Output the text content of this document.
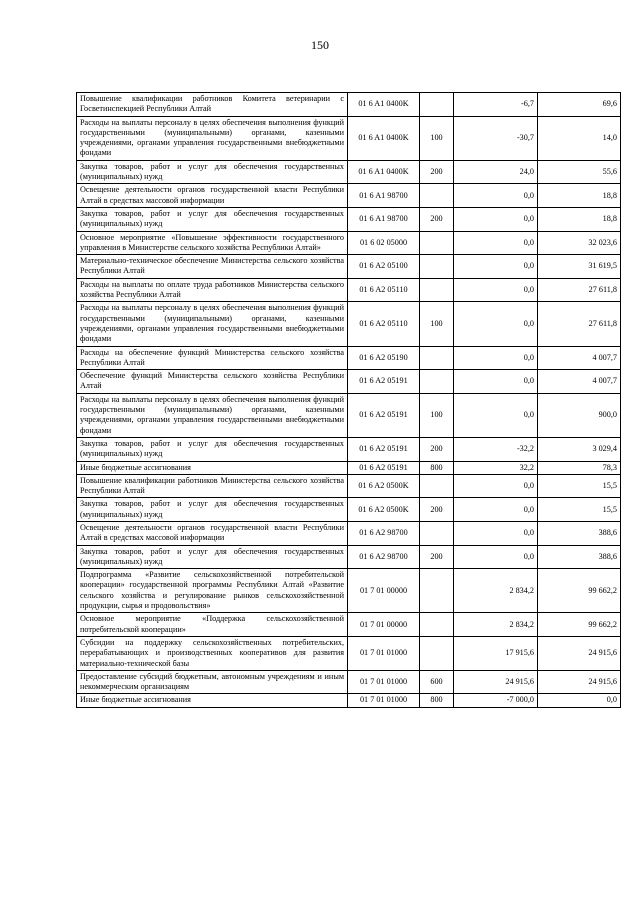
150
Повышение квалификации работников Комитета ветеринарии с Госветинспекцией Республики Алтай	01 6 A1 0400K		-6,7	69,6
Расходы на выплаты персоналу в целях обеспечения выполнения функций государственными (муниципальными) органами, казенными учреждениями, органами управления государственными внебюджетными фондами	01 6 A1 0400K	100	-30,7	14,0
Закупка товаров, работ и услуг для обеспечения государственных (муниципальных) нужд	01 6 A1 0400K	200	24,0	55,6
Освещение деятельности органов государственной власти Республики Алтай в средствах массовой информации	01 6 A1 98700		0,0	18,8
Закупка товаров, работ и услуг для обеспечения государственных (муниципальных) нужд	01 6 A1 98700	200	0,0	18,8
Основное мероприятие «Повышение эффективности государственного управления в Министерстве сельского хозяйства Республики Алтай»	01 6 02 05000		0,0	32 023,6
Материально-техническое обеспечение Министерства сельского хозяйства Республики Алтай	01 6 A2 05100		0,0	31 619,5
Расходы на выплаты по оплате труда работников Министерства сельского хозяйства Республики Алтай	01 6 A2 05110		0,0	27 611,8
Расходы на выплаты персоналу в целях обеспечения выполнения функций государственными (муниципальными) органами, казенными учреждениями, органами управления государственными внебюджетными фондами	01 6 A2 05110	100	0,0	27 611,8
Расходы на обеспечение функций Министерства сельского хозяйства Республики Алтай	01 6 A2 05190		0,0	4 007,7
Обеспечение функций Министерства сельского хозяйства Республики Алтай	01 6 A2 05191		0,0	4 007,7
Расходы на выплаты персоналу в целях обеспечения выполнения функций государственными (муниципальными) органами, казенными учреждениями, органами управления государственными внебюджетными фондами	01 6 A2 05191	100	0,0	900,0
Закупка товаров, работ и услуг для обеспечения государственных (муниципальных) нужд	01 6 A2 05191	200	-32,2	3 029,4
Иные бюджетные ассигнования	01 6 A2 05191	800	32,2	78,3
Повышение квалификации работников Министерства сельского хозяйства Республики Алтай	01 6 A2 0500K		0,0	15,5
Закупка товаров, работ и услуг для обеспечения государственных (муниципальных) нужд	01 6 A2 0500K	200	0,0	15,5
Освещение деятельности органов государственной власти Республики Алтай в средствах массовой информации	01 6 A2 98700		0,0	388,6
Закупка товаров, работ и услуг для обеспечения государственных (муниципальных) нужд	01 6 A2 98700	200	0,0	388,6
Подпрограмма «Развитие сельскохозяйственной потребительской кооперации» государственной программы Республики Алтай «Развитие сельского хозяйства и регулирование рынков сельскохозяйственной продукции, сырья и продовольствия»	01 7 01 00000		2 834,2	99 662,2
Основное мероприятие «Поддержка сельскохозяйственной потребительской кооперации»	01 7 01 00000		2 834,2	99 662,2
Субсидии на поддержку сельскохозяйственных потребительских, перерабатывающих и производственных кооперативов для развития материально-технической базы	01 7 01 01000		17 915,6	24 915,6
Предоставление субсидий бюджетным, автономным учреждениям и иным некоммерческим организациям	01 7 01 01000	600	24 915,6	24 915,6
Иные бюджетные ассигнования	01 7 01 01000	800	-7 000,0	0,0
